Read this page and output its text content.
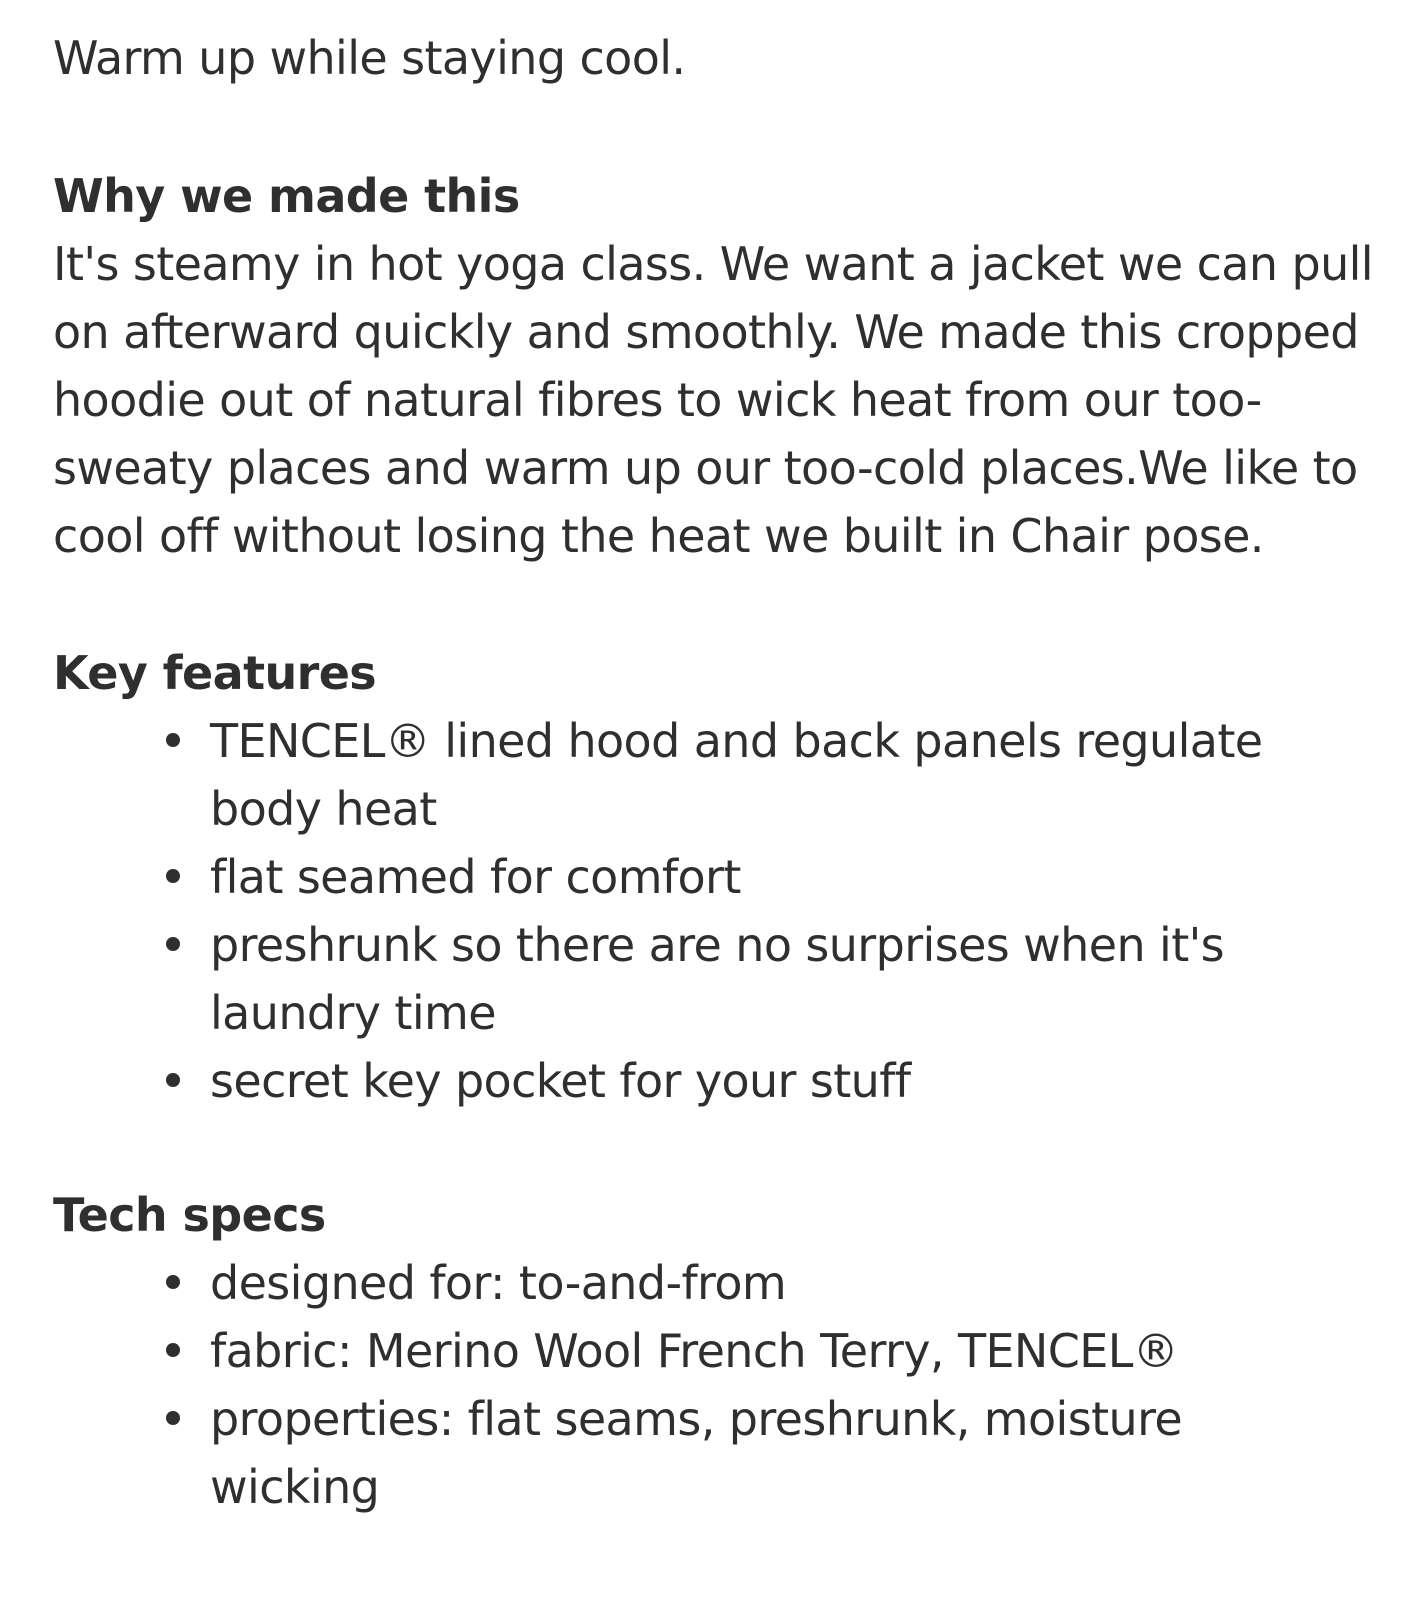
Warm up while staying cool.

Why we made this

It's steamy in hot yoga class. We want a jacket we can pull on afterward quickly and smoothly. We made this cropped hoodie out of natural fibres to wick heat from our too-sweaty places and warm up our too-cold places.We like to cool off without losing the heat we built in Chair pose.

Key features
TENCEL® lined hood and back panels regulate body heat
flat seamed for comfort
preshrunk so there are no surprises when it's laundry time
secret key pocket for your stuff
Tech specs
designed for: to-and-from
fabric: Merino Wool French Terry, TENCEL®
properties: flat seams, preshrunk, moisture wicking
